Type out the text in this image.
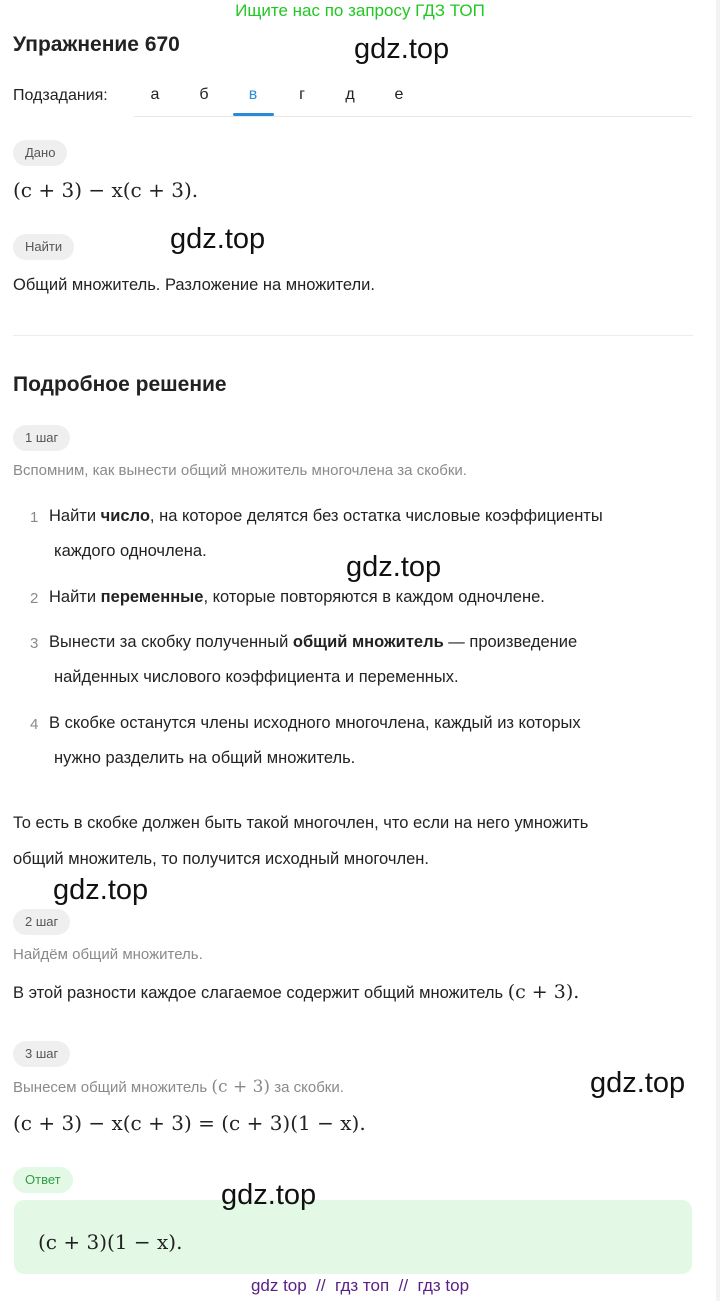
Ищите нас по запросу ГДЗ ТОП
Упражнение 670
Подзадания:	а	б	в	г	д	е
Дано
(c + 3) − x(c + 3).
Найти
Общий множитель. Разложение на множители.
Подробное решение
1 шаг
Вспомним, как вынести общий множитель многочлена за скобки.
1 Найти число, на которое делятся без остатка числовые коэффициенты
каждого одночлена.
2 Найти переменные, которые повторяются в каждом одночлене.
3 Вынести за скобку полученный общий множитель — произведение
найденных числового коэффициента и переменных.
4 В скобке останутся члены исходного многочлена, каждый из которых
нужно разделить на общий множитель.
То есть в скобке должен быть такой многочлен, что если на него умножить
общий множитель, то получится исходный многочлен.
2 шаг
Найдём общий множитель.
В этой разности каждое слагаемое содержит общий множитель (c + 3).
3 шаг
Вынесем общий множитель (c + 3) за скобки.
(c + 3) − x(c + 3) = (c + 3)(1 − x).
Ответ
(c + 3)(1 − x).
gdz.top
gdz.top
gdz.top
gdz.top
gdz.top
gdz.top
gdz top  //  гдз топ  //  гдз top
